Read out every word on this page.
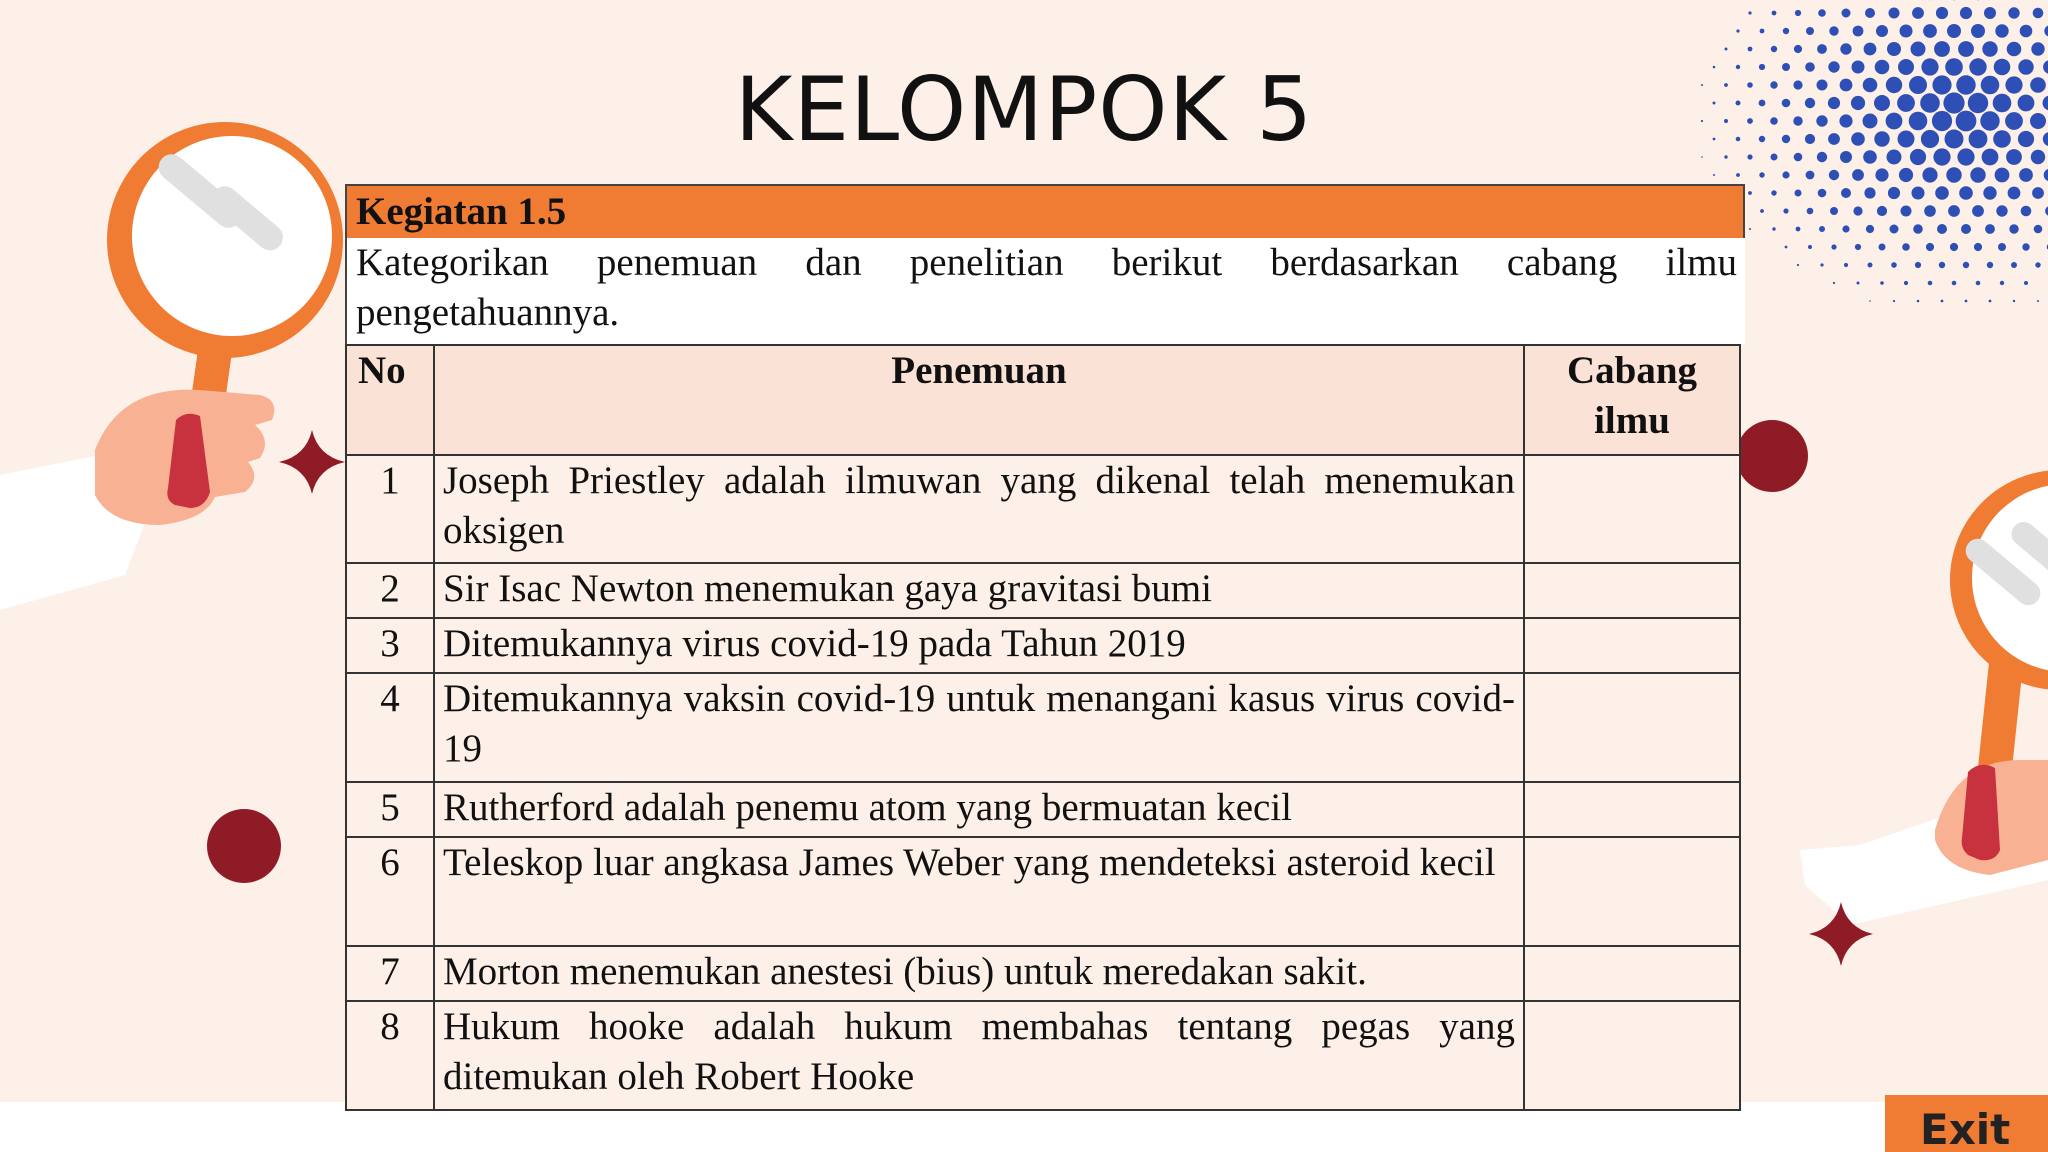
KELOMPOK 5
Kegiatan 1.5
Kategorikan penemuan dan penelitian berikut berdasarkan cabang ilmu
pengetahuannya.
No	Penemuan	Cabang ilmu
1	Joseph Priestley adalah ilmuwan yang dikenal telah menemukan oksigen	
2	Sir Isac Newton menemukan gaya gravitasi bumi	
3	Ditemukannya virus covid-19 pada Tahun 2019	
4	Ditemukannya vaksin covid-19 untuk menangani kasus virus covid-19	
5	Rutherford adalah penemu atom yang bermuatan kecil	
6	Teleskop luar angkasa James Weber yang mendeteksi asteroid kecil	
7	Morton menemukan anestesi (bius) untuk meredakan sakit.	
8	Hukum hooke adalah hukum membahas tentang pegas yang ditemukan oleh Robert Hooke	
Exit
